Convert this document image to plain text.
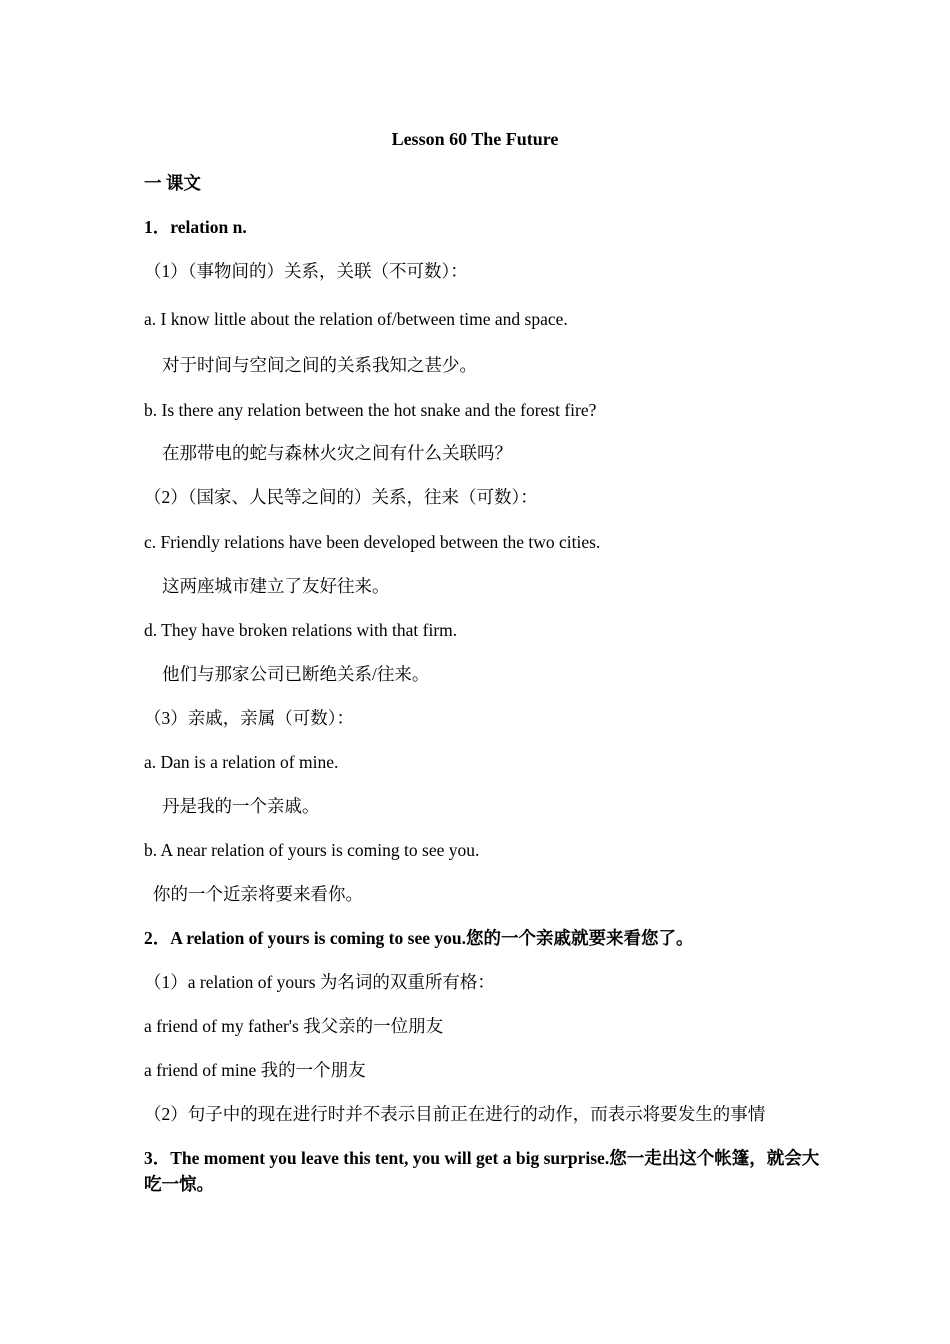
Lesson 60 The Future
一 课文
1．relation n.
（1）（事物间的）关系，关联（不可数）：
a. I know little about the relation of/between time and space.
对于时间与空间之间的关系我知之甚少。
b. Is there any relation between the hot snake and the forest fire?
在那带电的蛇与森林火灾之间有什么关联吗？
（2）（国家、人民等之间的）关系，往来（可数）：
c. Friendly relations have been developed between the two cities.
这两座城市建立了友好往来。
d. They have broken relations with that firm.
他们与那家公司已断绝关系/往来。
（3）亲戚，亲属（可数）：
a. Dan is a relation of mine.
丹是我的一个亲戚。
b. A near relation of yours is coming to see you.
你的一个近亲将要来看你。
2．A relation of yours is coming to see you.您的一个亲戚就要来看您了。
（1）a relation of yours 为名词的双重所有格：
a friend of my father's 我父亲的一位朋友
a friend of mine 我的一个朋友
（2）句子中的现在进行时并不表示目前正在进行的动作，而表示将要发生的事情
3．The moment you leave this tent, you will get a big surprise.您一走出这个帐篷，就会大吃一惊。
